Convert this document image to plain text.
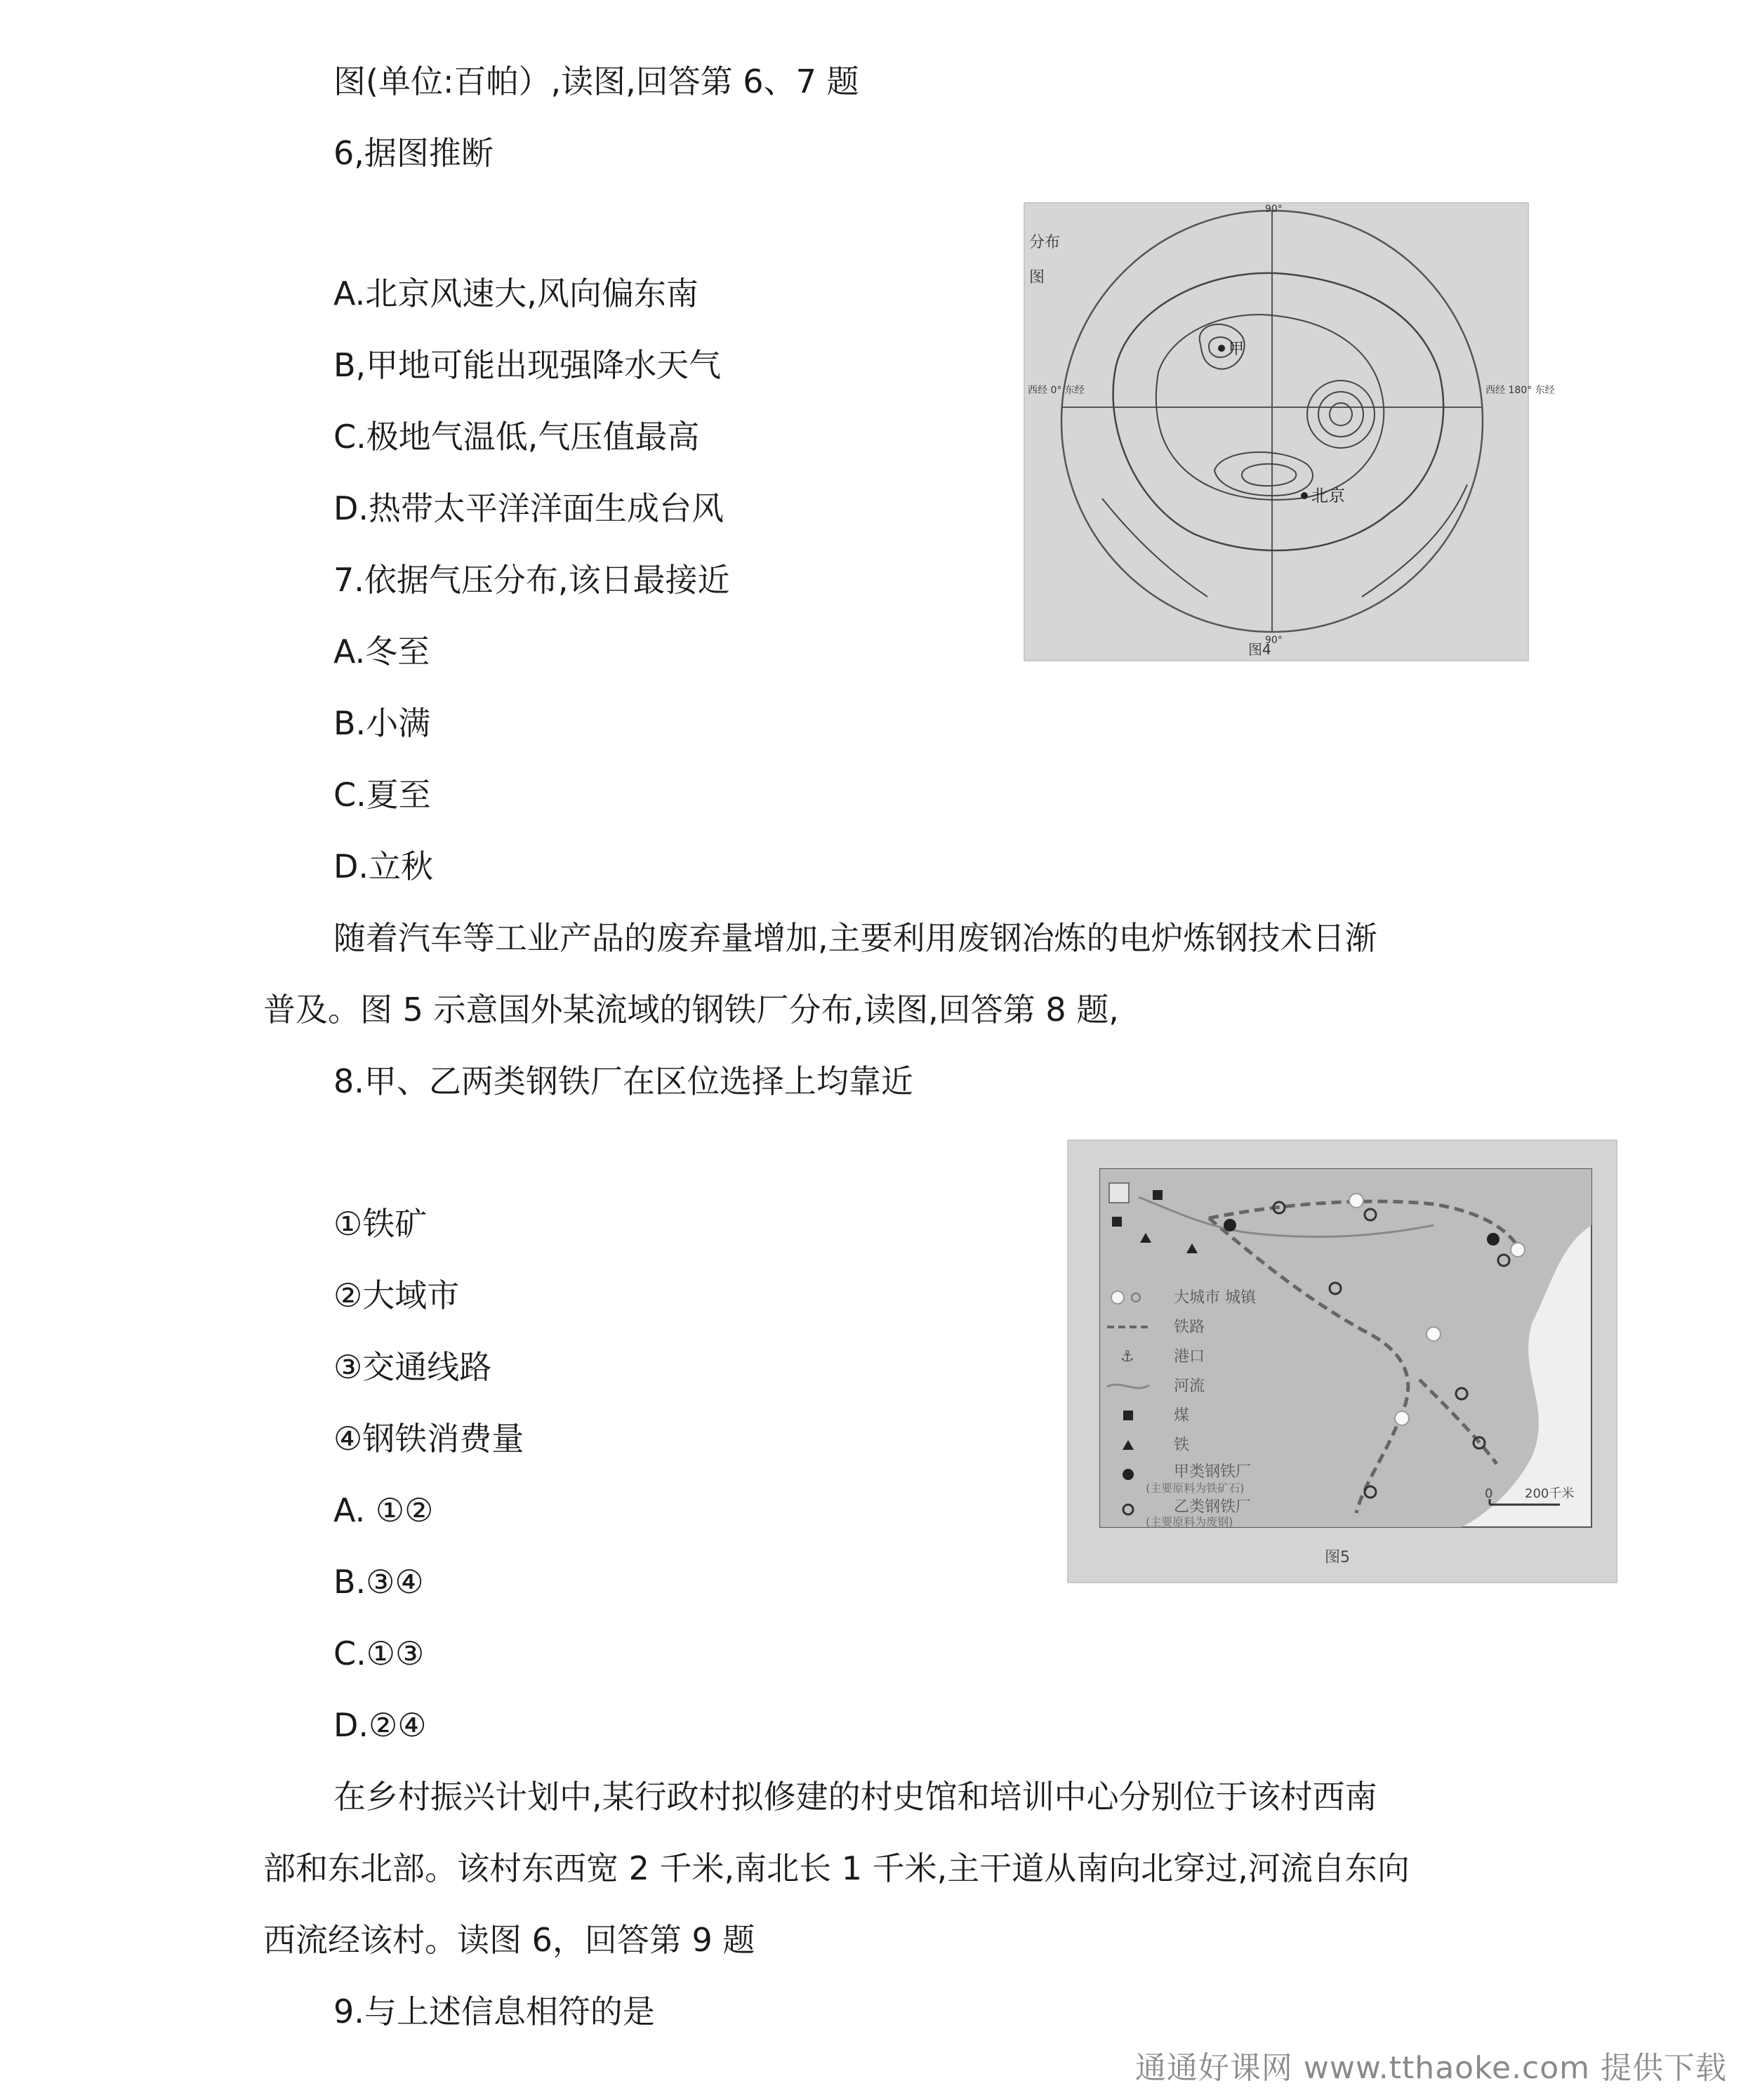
图(单位:百帕）,读图,回答第 6、7 题
6,据图推断
A.北京风速大,风向偏东南
B,甲地可能出现强降水天气
C.极地气温低,气压值最高
D.热带太平洋洋面生成台风
7.依据气压分布,该日最接近
A.冬至
B.小满
C.夏至
D.立秋
随着汽车等工业产品的废弃量增加,主要利用废钢冶炼的电炉炼钢技术日渐
普及。图 5 示意国外某流域的钢铁厂分布,读图,回答第 8 题,
8.甲、乙两类钢铁厂在区位选择上均靠近
①铁矿
②大域市
③交通线路
④钢铁消费量
A. ①②
B.③④
C.①③
D.②④
在乡村振兴计划中,某行政村拟修建的村史馆和培训中心分别位于该村西南
部和东北部。该村东西宽 2 千米,南北长 1 千米,主干道从南向北穿过,河流自东向
西流经该村。读图 6，回答第 9 题
9.与上述信息相符的是
甲
北京
90°
90°
西经 0° 东经	西经 180° 东经
分布
图
图4
大城市 城镇
铁路
⚓	港口
河流
煤
铁
甲类钢铁厂
(主要原料为铁矿石)
乙类钢铁厂
(主要原料为废钢)
0	200千米
图5
通通好课网 www.tthaoke.com 提供下载
